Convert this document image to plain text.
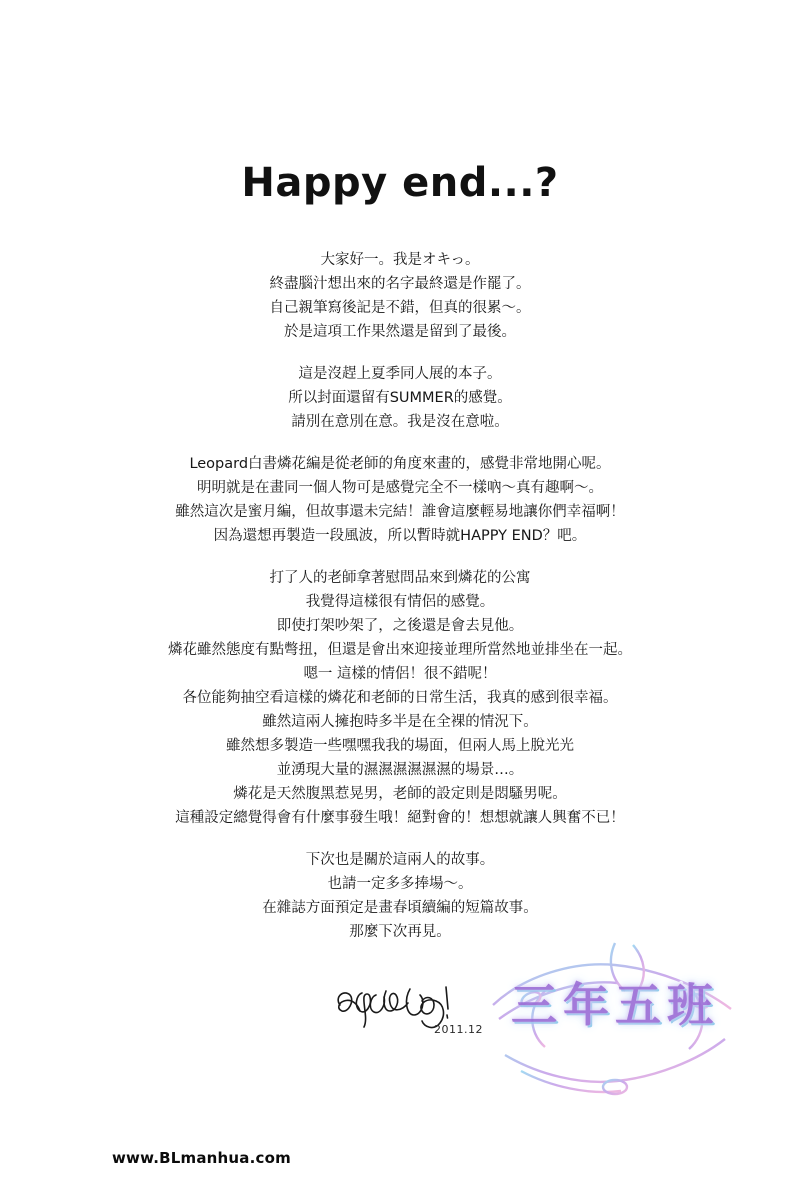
Happy end...?
大家好一。我是オキっ。
終盡腦汁想出來的名字最終還是作罷了。
自己親筆寫後記是不錯，但真的很累～。
於是這項工作果然還是留到了最後。
這是沒趕上夏季同人展的本子。
所以封面還留有SUMMER的感覺。
請別在意別在意。我是沒在意啦。
Leopard白書燐花編是從老師的角度來畫的，感覺非常地開心呢。
明明就是在畫同一個人物可是感覺完全不一樣吶～真有趣啊～。
雖然這次是蜜月編，但故事還未完結！誰會這麼輕易地讓你們幸福啊！
因為還想再製造一段風波，所以暫時就HAPPY END？吧。
打了人的老師拿著慰問品來到燐花的公寓
我覺得這樣很有情侶的感覺。
即使打架吵架了，之後還是會去見他。
燐花雖然態度有點彆扭，但還是會出來迎接並理所當然地並排坐在一起。
嗯一 這樣的情侶！很不錯呢！
各位能夠抽空看這樣的燐花和老師的日常生活，我真的感到很幸福。
雖然這兩人擁抱時多半是在全裸的情況下。
雖然想多製造一些嘿嘿我我的場面，但兩人馬上脫光光
並湧現大量的濕濕濕濕濕濕的場景…。
燐花是天然腹黑惹晃男，老師的設定則是悶騷男呢。
這種設定總覺得會有什麼事發生哦！絕對會的！想想就讓人興奮不已！
下次也是關於這兩人的故事。
也請一定多多捧場～。
在雜誌方面預定是畫春頃續編的短篇故事。
那麼下次再見。
2011.12 三年五班
www.BLmanhua.com
